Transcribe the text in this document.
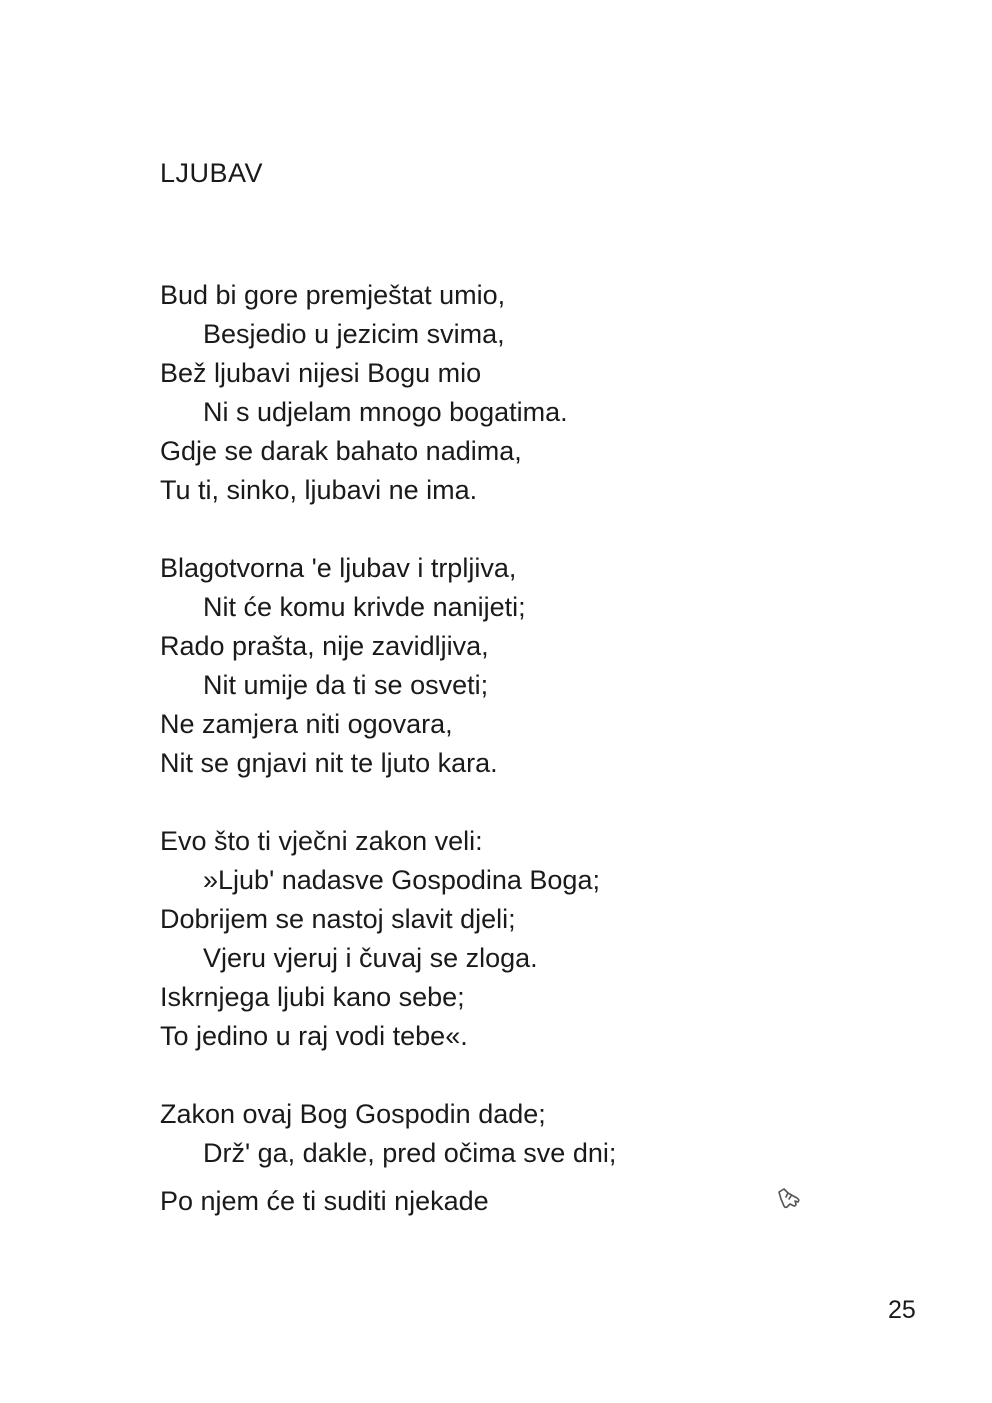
LJUBAV
Bud bi gore premještat umio,
Besjedio u jezicim svima,
Bež ljubavi nijesi Bogu mio
Ni s udjelam mnogo bogatima.
Gdje se darak bahato nadima,
Tu ti, sinko, ljubavi ne ima.
Blagotvorna 'e ljubav i trpljiva,
Nit će komu krivde nanijeti;
Rado prašta, nije zavidljiva,
Nit umije da ti se osveti;
Ne zamjera niti ogovara,
Nit se gnjavi nit te ljuto kara.
Evo što ti vječni zakon veli:
»Ljub' nadasve Gospodina Boga;
Dobrijem se nastoj slavit djeli;
Vjeru vjeruj i čuvaj se zloga.
Iskrnjega ljubi kano sebe;
To jedino u raj vodi tebe«.
Zakon ovaj Bog Gospodin dade;
Drž' ga, dakle, pred očima sve dni;
Po njem će ti suditi njekade
25
